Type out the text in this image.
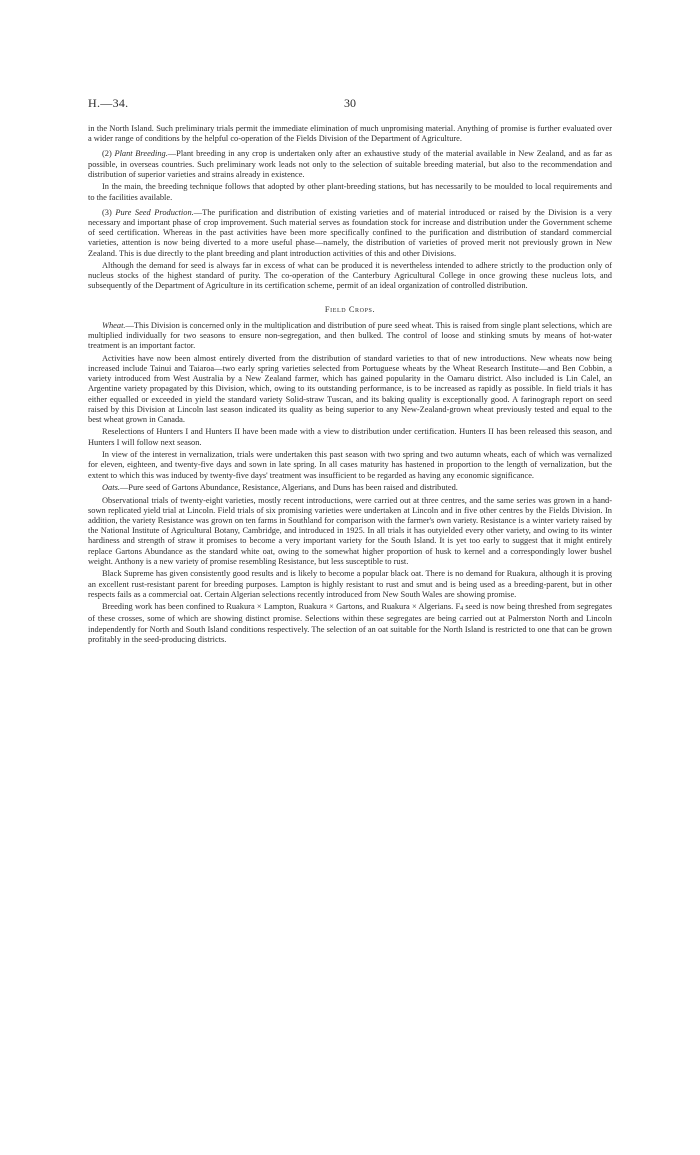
H.—34.	30

in the North Island. Such preliminary trials permit the immediate elimination of much unpromising material. Anything of promise is further evaluated over a wider range of conditions by the helpful co-operation of the Fields Division of the Department of Agriculture.

(2) Plant Breeding.—Plant breeding in any crop is undertaken only after an exhaustive study of the material available in New Zealand, and as far as possible, in overseas countries. Such preliminary work leads not only to the selection of suitable breeding material, but also to the recommendation and distribution of superior varieties and strains already in existence.

In the main, the breeding technique follows that adopted by other plant-breeding stations, but has necessarily to be moulded to local requirements and to the facilities available.

(3) Pure Seed Production.—The purification and distribution of existing varieties and of material introduced or raised by the Division is a very necessary and important phase of crop improvement. Such material serves as foundation stock for increase and distribution under the Government scheme of seed certification. Whereas in the past activities have been more specifically confined to the purification and distribution of standard commercial varieties, attention is now being diverted to a more useful phase—namely, the distribution of varieties of proved merit not previously grown in New Zealand. This is due directly to the plant breeding and plant introduction activities of this and other Divisions.

Although the demand for seed is always far in excess of what can be produced it is nevertheless intended to adhere strictly to the production only of nucleus stocks of the highest standard of purity. The co-operation of the Canterbury Agricultural College in once growing these nucleus lots, and subsequently of the Department of Agriculture in its certification scheme, permit of an ideal organization of controlled distribution.

Field Crops.

Wheat.—This Division is concerned only in the multiplication and distribution of pure seed wheat. This is raised from single plant selections, which are multiplied individually for two seasons to ensure non-segregation, and then bulked. The control of loose and stinking smuts by means of hot-water treatment is an important factor.

Activities have now been almost entirely diverted from the distribution of standard varieties to that of new introductions. New wheats now being increased include Tainui and Taiaroa—two early spring varieties selected from Portuguese wheats by the Wheat Research Institute—and Ben Cobbin, a variety introduced from West Australia by a New Zealand farmer, which has gained popularity in the Oamaru district. Also included is Lin Calel, an Argentine variety propagated by this Division, which, owing to its outstanding performance, is to be increased as rapidly as possible. In field trials it has either equalled or exceeded in yield the standard variety Solid-straw Tuscan, and its baking quality is exceptionally good. A farinograph report on seed raised by this Division at Lincoln last season indicated its quality as being superior to any New-Zealand-grown wheat previously tested and equal to the best wheat grown in Canada.

Reselections of Hunters I and Hunters II have been made with a view to distribution under certification. Hunters II has been released this season, and Hunters I will follow next season.

In view of the interest in vernalization, trials were undertaken this past season with two spring and two autumn wheats, each of which was vernalized for eleven, eighteen, and twenty-five days and sown in late spring. In all cases maturity has hastened in proportion to the length of vernalization, but the extent to which this was induced by twenty-five days' treatment was insufficient to be regarded as having any economic significance.

Oats.—Pure seed of Gartons Abundance, Resistance, Algerians, and Duns has been raised and distributed.

Observational trials of twenty-eight varieties, mostly recent introductions, were carried out at three centres, and the same series was grown in a hand-sown replicated yield trial at Lincoln. Field trials of six promising varieties were undertaken at Lincoln and in five other centres by the Fields Division. In addition, the variety Resistance was grown on ten farms in Southland for comparison with the farmer's own variety. Resistance is a winter variety raised by the National Institute of Agricultural Botany, Cambridge, and introduced in 1925. In all trials it has outyielded every other variety, and owing to its winter hardiness and strength of straw it promises to become a very important variety for the South Island. It is yet too early to suggest that it might entirely replace Gartons Abundance as the standard white oat, owing to the somewhat higher proportion of husk to kernel and a correspondingly lower bushel weight. Anthony is a new variety of promise resembling Resistance, but less susceptible to rust.

Black Supreme has given consistently good results and is likely to become a popular black oat. There is no demand for Ruakura, although it is proving an excellent rust-resistant parent for breeding purposes. Lampton is highly resistant to rust and smut and is being used as a breeding-parent, but in other respects fails as a commercial oat. Certain Algerian selections recently introduced from New South Wales are showing promise.

Breeding work has been confined to Ruakura × Lampton, Ruakura × Gartons, and Ruakura × Algerians. F4 seed is now being threshed from segregates of these crosses, some of which are showing distinct promise. Selections within these segregates are being carried out at Palmerston North and Lincoln independently for North and South Island conditions respectively. The selection of an oat suitable for the North Island is restricted to one that can be grown profitably in the seed-producing districts.
